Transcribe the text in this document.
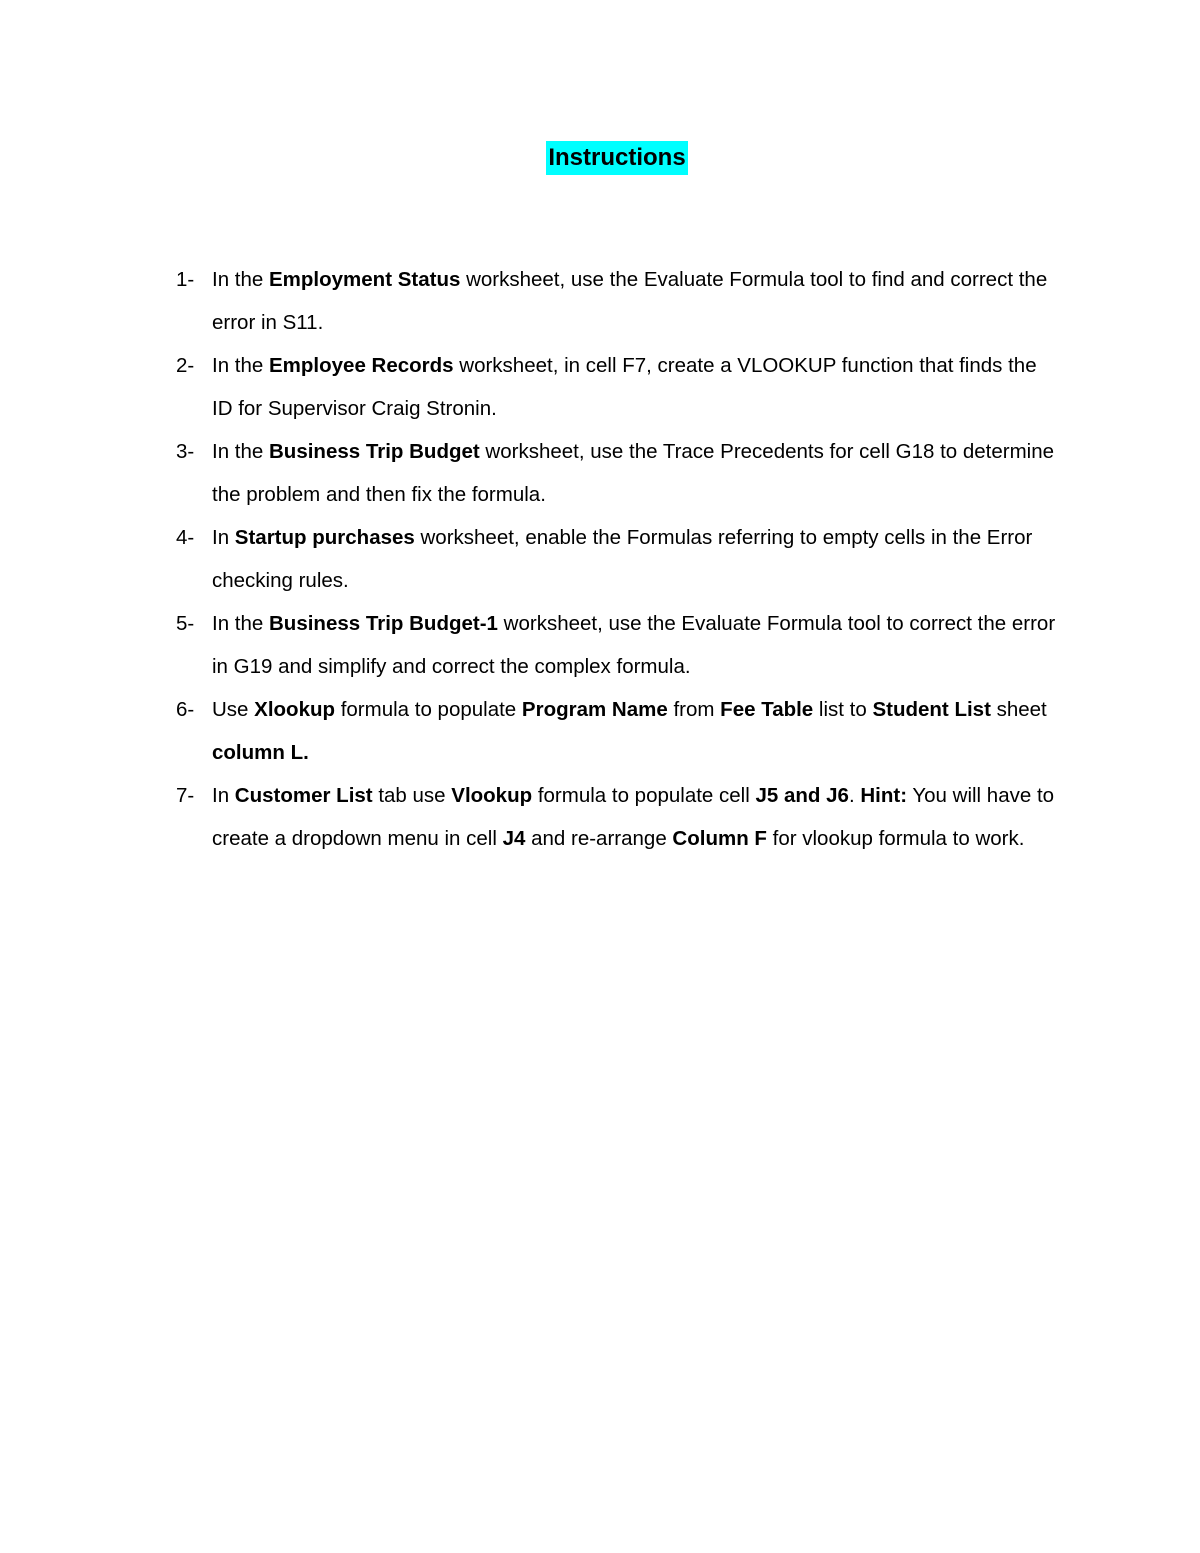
Instructions
1 -	In the Employment Status worksheet, use the Evaluate Formula tool to find and correct the error in S11.
2 -	In the Employee Records worksheet, in cell F7, create a VLOOKUP function that finds the ID for Supervisor Craig Stronin.
3 -	In the Business Trip Budget worksheet, use the Trace Precedents for cell G18 to determine the problem and then fix the formula.
4 -	In Startup purchases worksheet, enable the Formulas referring to empty cells in the Error checking rules.
5 -	In the Business Trip Budget-1 worksheet, use the Evaluate Formula tool to correct the error in G19 and simplify and correct the complex formula.
6 -	Use Xlookup formula to populate Program Name from Fee Table list to Student List sheet column L.
7 -	In Customer List tab use Vlookup formula to populate cell J5 and J6. Hint: You will have to create a dropdown menu in cell J4 and re-arrange Column F for vlookup formula to work.
